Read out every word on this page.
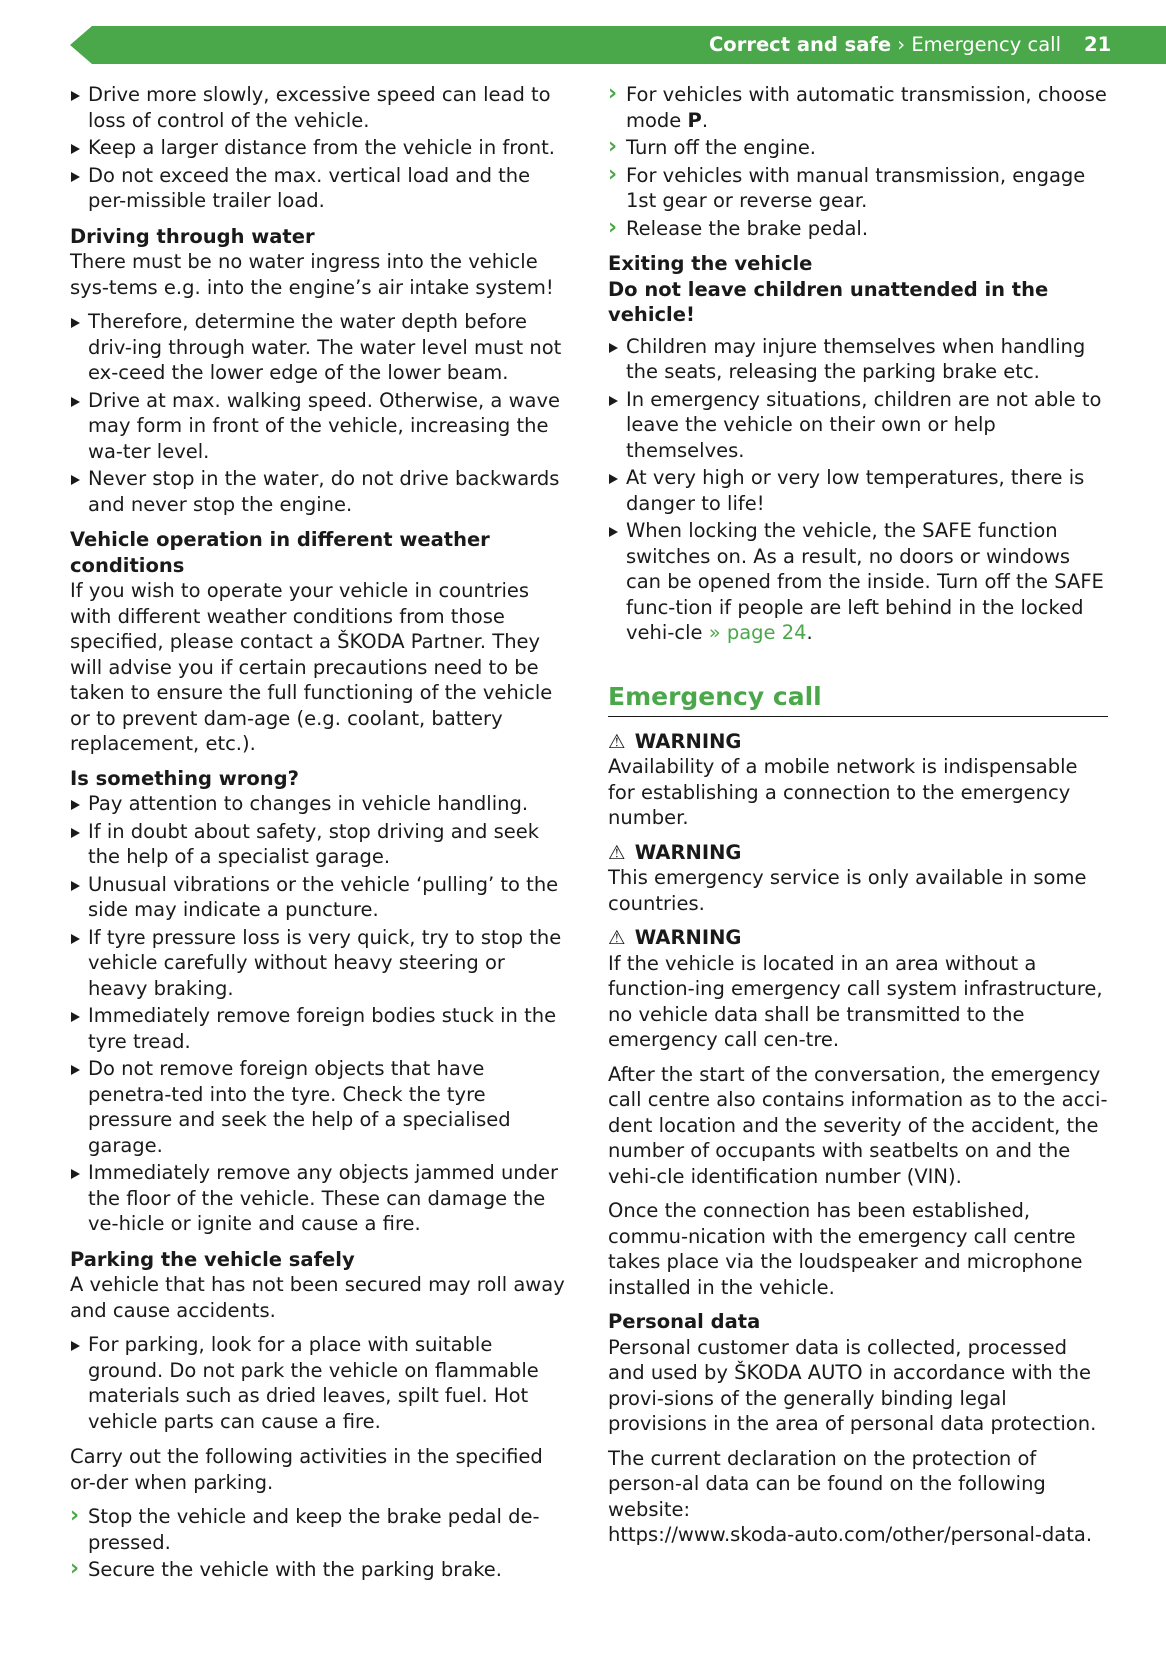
Correct and safe › Emergency call 21
Drive more slowly, excessive speed can lead to loss of control of the vehicle.
Keep a larger distance from the vehicle in front.
Do not exceed the max. vertical load and the per-missible trailer load.
Driving through water
There must be no water ingress into the vehicle sys-tems e.g. into the engine’s air intake system!
Therefore, determine the water depth before driv-ing through water. The water level must not ex-ceed the lower edge of the lower beam.
Drive at max. walking speed. Otherwise, a wave may form in front of the vehicle, increasing the wa-ter level.
Never stop in the water, do not drive backwards and never stop the engine.
Vehicle operation in different weather conditions
If you wish to operate your vehicle in countries with different weather conditions from those specified, please contact a ŠKODA Partner. They will advise you if certain precautions need to be taken to ensure the full functioning of the vehicle or to prevent dam-age (e.g. coolant, battery replacement, etc.).
Is something wrong?
Pay attention to changes in vehicle handling.
If in doubt about safety, stop driving and seek the help of a specialist garage.
Unusual vibrations or the vehicle ‘pulling’ to the side may indicate a puncture.
If tyre pressure loss is very quick, try to stop the vehicle carefully without heavy steering or heavy braking.
Immediately remove foreign bodies stuck in the tyre tread.
Do not remove foreign objects that have penetra-ted into the tyre. Check the tyre pressure and seek the help of a specialised garage.
Immediately remove any objects jammed under the floor of the vehicle. These can damage the ve-hicle or ignite and cause a fire.
Parking the vehicle safely
A vehicle that has not been secured may roll away and cause accidents.
For parking, look for a place with suitable ground. Do not park the vehicle on flammable materials such as dried leaves, spilt fuel. Hot vehicle parts can cause a fire.
Carry out the following activities in the specified or-der when parking.
› Stop the vehicle and keep the brake pedal de-pressed.
› Secure the vehicle with the parking brake.
› For vehicles with automatic transmission, choose mode P.
› Turn off the engine.
› For vehicles with manual transmission, engage 1st gear or reverse gear.
› Release the brake pedal.
Exiting the vehicle
Do not leave children unattended in the vehicle!
Children may injure themselves when handling the seats, releasing the parking brake etc.
In emergency situations, children are not able to leave the vehicle on their own or help themselves.
At very high or very low temperatures, there is danger to life!
When locking the vehicle, the SAFE function switches on. As a result, no doors or windows can be opened from the inside. Turn off the SAFE func-tion if people are left behind in the locked vehi-cle » page 24.
Emergency call
⚠ WARNING
Availability of a mobile network is indispensable for establishing a connection to the emergency number.
⚠ WARNING
This emergency service is only available in some countries.
⚠ WARNING
If the vehicle is located in an area without a function-ing emergency call system infrastructure, no vehicle data shall be transmitted to the emergency call cen-tre.
After the start of the conversation, the emergency call centre also contains information as to the acci-dent location and the severity of the accident, the number of occupants with seatbelts on and the vehi-cle identification number (VIN).
Once the connection has been established, commu-nication with the emergency call centre takes place via the loudspeaker and microphone installed in the vehicle.
Personal data
Personal customer data is collected, processed and used by ŠKODA AUTO in accordance with the provi-sions of the generally binding legal provisions in the area of personal data protection.
The current declaration on the protection of person-al data can be found on the following website:
https://www.skoda-auto.com/other/personal-data.
